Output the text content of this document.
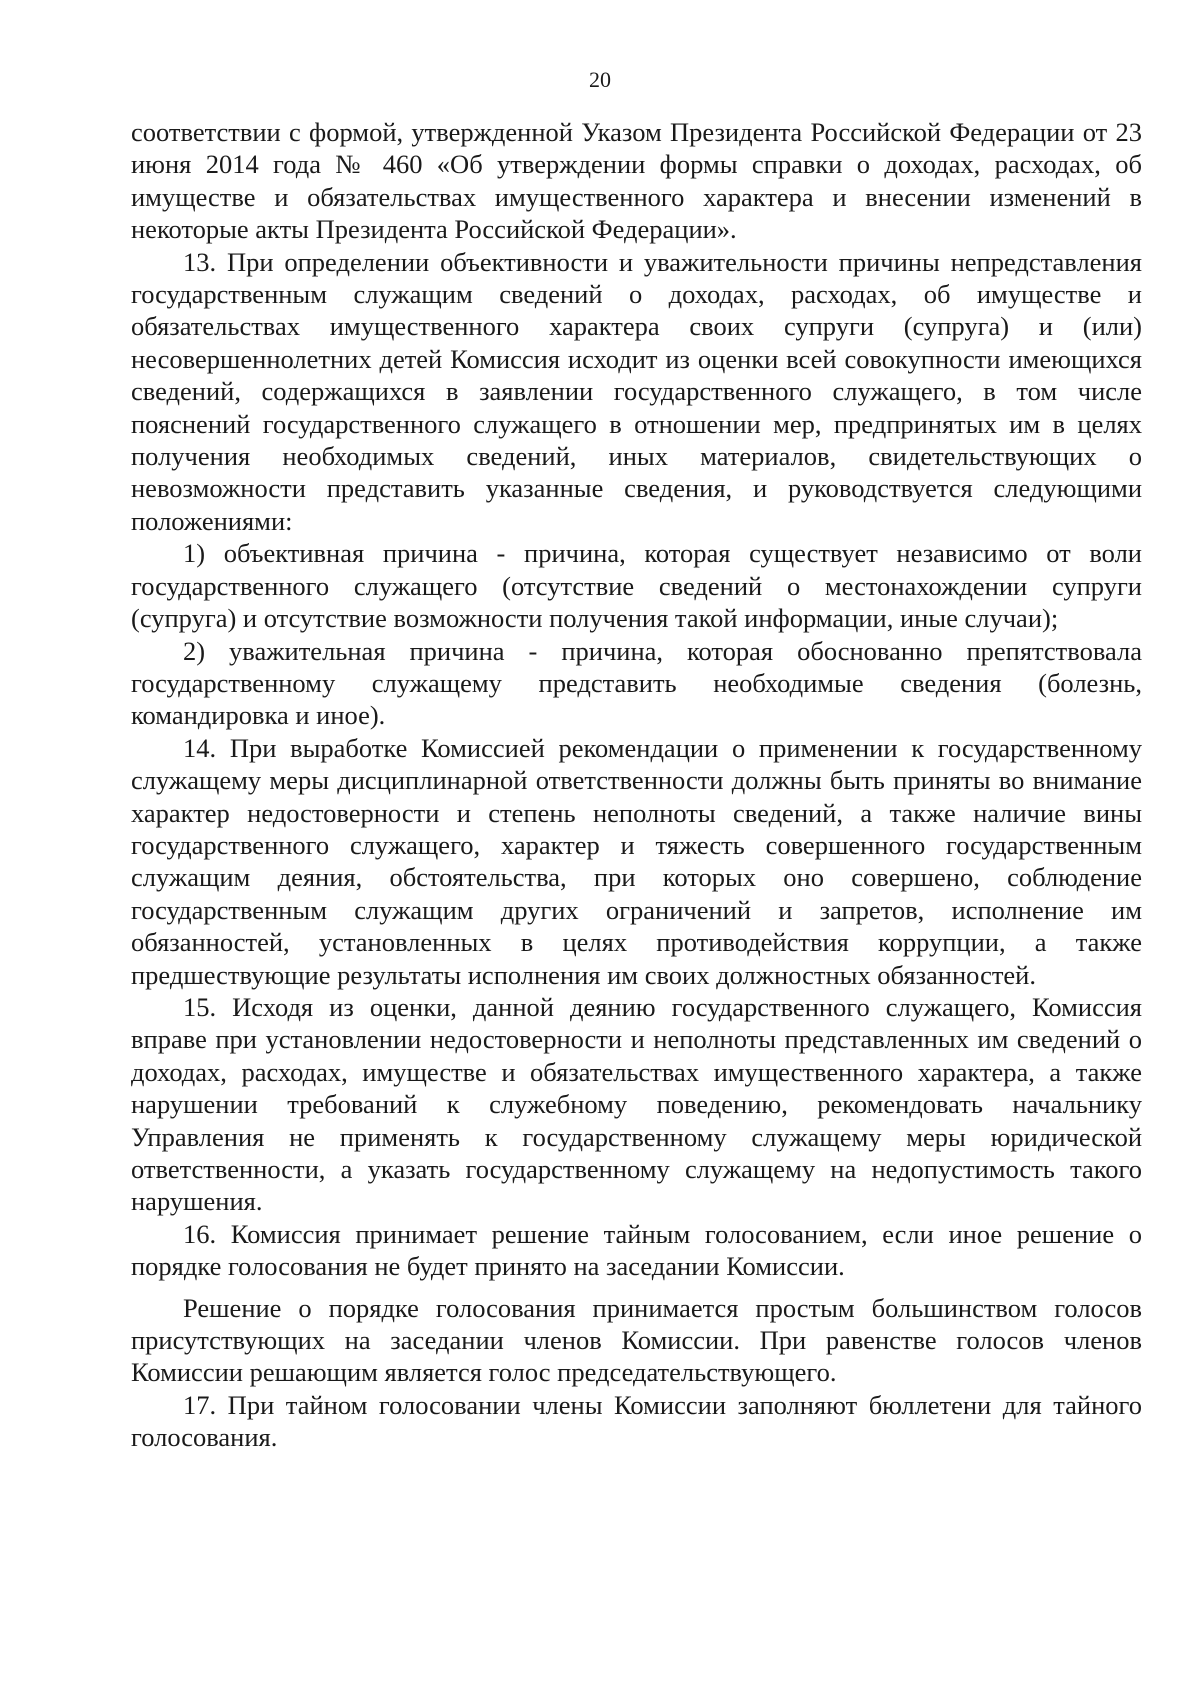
20

соответствии с формой, утвержденной Указом Президента Российской Федерации от 23 июня 2014 года № 460 «Об утверждении формы справки о доходах, расходах, об имуществе и обязательствах имущественного характера и внесении изменений в некоторые акты Президента Российской Федерации».

13. При определении объективности и уважительности причины непредставления государственным служащим сведений о доходах, расходах, об имуществе и обязательствах имущественного характера своих супруги (супруга) и (или) несовершеннолетних детей Комиссия исходит из оценки всей совокупности имеющихся сведений, содержащихся в заявлении государственного служащего, в том числе пояснений государственного служащего в отношении мер, предпринятых им в целях получения необходимых сведений, иных материалов, свидетельствующих о невозможности представить указанные сведения, и руководствуется следующими положениями:

1) объективная причина - причина, которая существует независимо от воли государственного служащего (отсутствие сведений о местонахождении супруги (супруга) и отсутствие возможности получения такой информации, иные случаи);

2) уважительная причина - причина, которая обоснованно препятствовала государственному служащему представить необходимые сведения (болезнь, командировка и иное).

14. При выработке Комиссией рекомендации о применении к государственному служащему меры дисциплинарной ответственности должны быть приняты во внимание характер недостоверности и степень неполноты сведений, а также наличие вины государственного служащего, характер и тяжесть совершенного государственным служащим деяния, обстоятельства, при которых оно совершено, соблюдение государственным служащим других ограничений и запретов, исполнение им обязанностей, установленных в целях противодействия коррупции, а также предшествующие результаты исполнения им своих должностных обязанностей.

15. Исходя из оценки, данной деянию государственного служащего, Комиссия вправе при установлении недостоверности и неполноты представленных им сведений о доходах, расходах, имуществе и обязательствах имущественного характера, а также нарушении требований к служебному поведению, рекомендовать начальнику Управления не применять к государственному служащему меры юридической ответственности, а указать государственному служащему на недопустимость такого нарушения.

16. Комиссия принимает решение тайным голосованием, если иное решение о порядке голосования не будет принято на заседании Комиссии.

Решение о порядке голосования принимается простым большинством голосов присутствующих на заседании членов Комиссии. При равенстве голосов членов Комиссии решающим является голос председательствующего.

17. При тайном голосовании члены Комиссии заполняют бюллетени для тайного голосования.
